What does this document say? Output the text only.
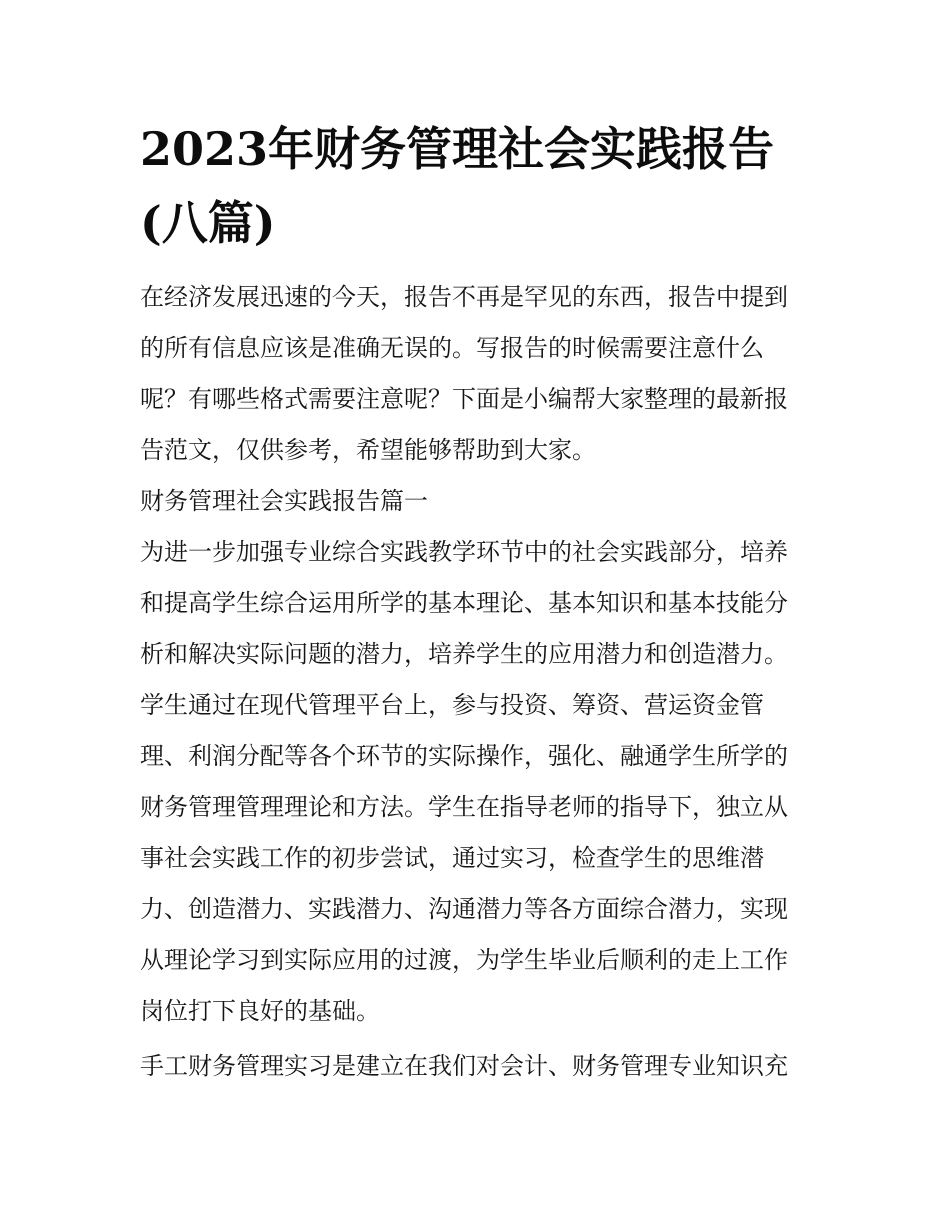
2023年财务管理社会实践报告
(八篇)
在经济发展迅速的今天，报告不再是罕见的东西，报告中提到
的所有信息应该是准确无误的。写报告的时候需要注意什么
呢？有哪些格式需要注意呢？下面是小编帮大家整理的最新报
告范文，仅供参考，希望能够帮助到大家。
财务管理社会实践报告篇一
为进一步加强专业综合实践教学环节中的社会实践部分，培养
和提高学生综合运用所学的基本理论、基本知识和基本技能分
析和解决实际问题的潜力，培养学生的应用潜力和创造潜力。
学生通过在现代管理平台上，参与投资、筹资、营运资金管
理、利润分配等各个环节的实际操作，强化、融通学生所学的
财务管理管理理论和方法。学生在指导老师的指导下，独立从
事社会实践工作的初步尝试，通过实习，检查学生的思维潜
力、创造潜力、实践潜力、沟通潜力等各方面综合潜力，实现
从理论学习到实际应用的过渡，为学生毕业后顺利的走上工作
岗位打下良好的基础。
手工财务管理实习是建立在我们对会计、财务管理专业知识充
